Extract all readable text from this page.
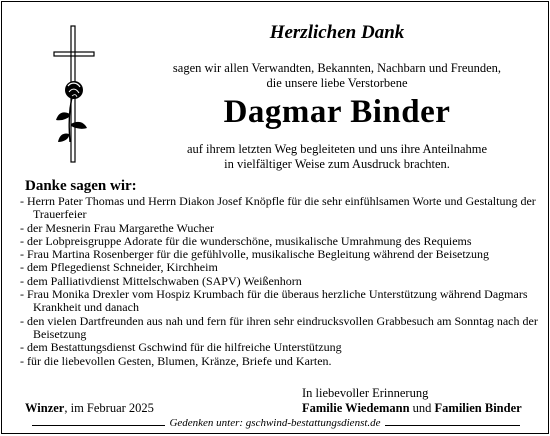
Herzlichen Dank
sagen wir allen Verwandten, Bekannten, Nachbarn und Freunden,
die unsere liebe Verstorbene
Dagmar Binder
auf ihrem letzten Weg begleiteten und uns ihre Anteilnahme
in vielfältiger Weise zum Ausdruck brachten.
Danke sagen wir:
- Herrn Pater Thomas und Herrn Diakon Josef Knöpfle für die sehr einfühlsamen Worte und Gestaltung der Trauerfeier
- der Mesnerin Frau Margarethe Wucher
- der Lobpreisgruppe Adorate für die wunderschöne, musikalische Umrahmung des Requiems
- Frau Martina Rosenberger für die gefühlvolle, musikalische Begleitung während der Beisetzung
- dem Pflegedienst Schneider, Kirchheim
- dem Palliativdienst Mittelschwaben (SAPV) Weißenhorn
- Frau Monika Drexler vom Hospiz Krumbach für die überaus herzliche Unterstützung während Dagmars Krankheit und danach
- den vielen Dartfreunden aus nah und fern für ihren sehr eindrucksvollen Grabbesuch am Sonntag nach der Beisetzung
- dem Bestattungsdienst Gschwind für die hilfreiche Unterstützung
- für die liebevollen Gesten, Blumen, Kränze, Briefe und Karten.
In liebevoller Erinnerung
Familie Wiedemann und Familien Binder
Winzer, im Februar 2025
Gedenken unter: gschwind-bestattungsdienst.de
